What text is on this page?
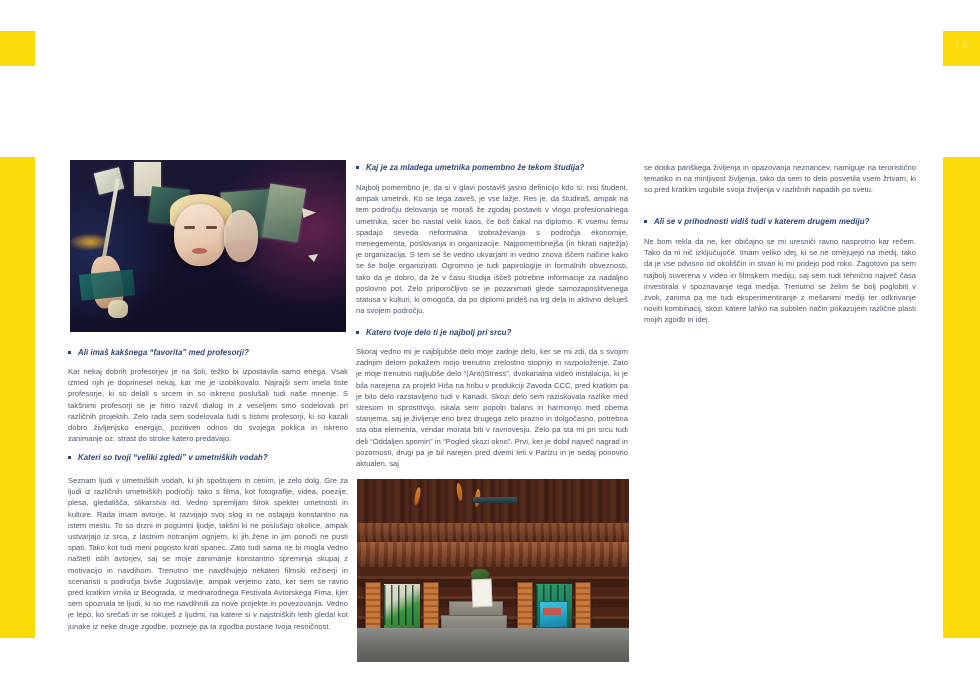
18
Ali imaš kakšnega “favorita” med profesorji?
Kar nekaj dobrih profesorjev je na šoli, težko bi izpostavila samo enega. Vsak izmed njih je doprinesel nekaj, kar me je izoblikovalo. Najrajši sem imela tiste profesorje, ki so delali s srcem in so iskreno poslušali tudi naše mnenje. S takšnimi profesorji se je hitro razvil dialog in z veseljem smo sodelovali pri različnih projektih. Zelo rada sem sodelovala tudi s tistimi profesorji, ki so kazali dobro življenjsko energijo, pozitiven odnos do svojega poklica in iskreno zanimanje oz. strast do stroke katero predavajo.
Kateri so tvoji “veliki zgledi” v umetniških vodah?
Seznam ljudi v umetniških vodah, ki jih spoštujem in cenim, je zelo dolg. Gre za ljudi iz različnih umetniških področij: tako s filma, kot fotografije, videa, poezije, plesa, gledališča, slikarstva itd. Vedno spremljam širok spekter umetnosti in kulture. Rada imam avtorje, ki razvijajo svoj slog in ne ostajajo konstantno na istem mestu. To so drzni in pogumni ljudje, takšni ki ne poslušajo okolice, ampak ustvarjajo iz srca, z lastnim notranjim ognjem, ki jih žene in jim ponoči ne pusti spati. Tako kot tudi meni pogosto krati spanec. Zato tudi sama ne bi mogla vedno našteti istih avtorjev, saj se moje zanimanje konstantno spreminja skupaj z motivacijo in navdihom. Trenutno me navdihujejo nekateri filmski režiserji in scenaristi s področja bivše Jugoslavije, ampak verjetno zato, ker sem se ravno pred kratkim vrnila iz Beograda, iz mednarodnega Festivala Avtorskega Fima, kjer sem spoznala te ljudi, ki so me navdihnili za nove projekte in povezovanja. Vedno je lepo, ko srečaš in se rokuješ z ljudmi, na katere si v najstniških letih gledal kot junake iz neke druge zgodbe, pozneje pa ta zgodba postane tvoja resničnost.
Kaj je za mladega umetnika pomembno že tekom študija?
Najbolj pomembno je, da si v glavi postaviš jasno definicijo kdo si: nisi študent, ampak umetnik. Ko se tega zaveš, je vse lažje. Res je, da študiraš, ampak na tem področju delovanja se moraš že zgodaj postaviti v vlogo profesionalnega umetnika, sicer bo nastal velik kaos, če boš čakal na diplomo. K vsemu temu spadajo seveda neformalna izobraževanja s področja ekonomije, menegementa, poslovanja in organizacije. Najpomembnejša (in hkrati najtežja) je organizacija. S tem se še vedno ukvarjam in vedno znova iščem načine kako se še bolje organizirati. Ogromno je tudi papirologije in formalnih obveznosti, tako da je dobro, da že v času študija iščeš potrebne informacije za nadaljno poslovno pot. Zelo priporočljivo se je pozanimati glede samozaposlitvenega statusa v kulturi, ki omogoča, da po diplomi prideš na trg dela in aktivno deluješ na svojem področju.
Katero tvoje delo ti je najbolj pri srcu?
Skoraj vedno mi je najbljubše delo moje zadnje delo, ker se mi zdi, da s svojim zadnjim delom pokažem mojo trenutno zrelostno stopnjo in razpoloženje. Zato je moje trenutno najljubše delo “(Anti)Stress”, dvokanalna video instalacija, ki je bila narejena za projekt Hiša na hribu v produkciji Zavoda CCC, pred kratkim pa je bilo delo razstavljeno tudi v Kanadi. Skozi delo sem raziskovala razlike med stresom in sprostitvijo, iskala sem popoln balans in harmonijo med obema stanjema, saj je življenje eno brez drugega zelo prazno in dolgočasno, potrebna sta oba elementa, vendar morata biti v ravnovesju. Zelo pa sta mi pri srcu tudi deli “Oddaljen spomin” in “Pogled skozi okno”. Prvi, ker je dobil največ nagrad in pozornosti, drugi pa je bil narejen pred dvemi leti v Parizu in je sedaj ponovno aktualen, saj
se dotika pariškega življenja in opazovanja neznancev, namiguje na teroristično tematiko in na minljivost življenja, tako da sem to delo posvetila vsem žrtvam, ki so pred kratkim izgubile svoja življenja v različnih napadih po svetu.
Ali se v prihodnosti vidiš tudi v katerem drugem mediju?
Ne bom rekla da ne, ker običajno se mi uresniči ravno nasprotno kar rečem. Tako da ni nič izključujoče. Imam veliko idej, ki se ne omejujejo na medij, tako da je vse odvisno od okoliščin in stvari ki mi pridejo pod roko. Zagotovo pa sem najbolj suverena v video in filmskem mediju, saj sem tudi tehnično največ časa investirala v spoznavanje tega medija. Trenutno se želim še bolj poglobiti v zvok, zanima pa me tudi eksperimentiranje z mešanimi mediji ter odkrivanje novih kombinacij, skozi katere lahko na subtilen način prikazujem različne plasti mojih zgodb in idej.
